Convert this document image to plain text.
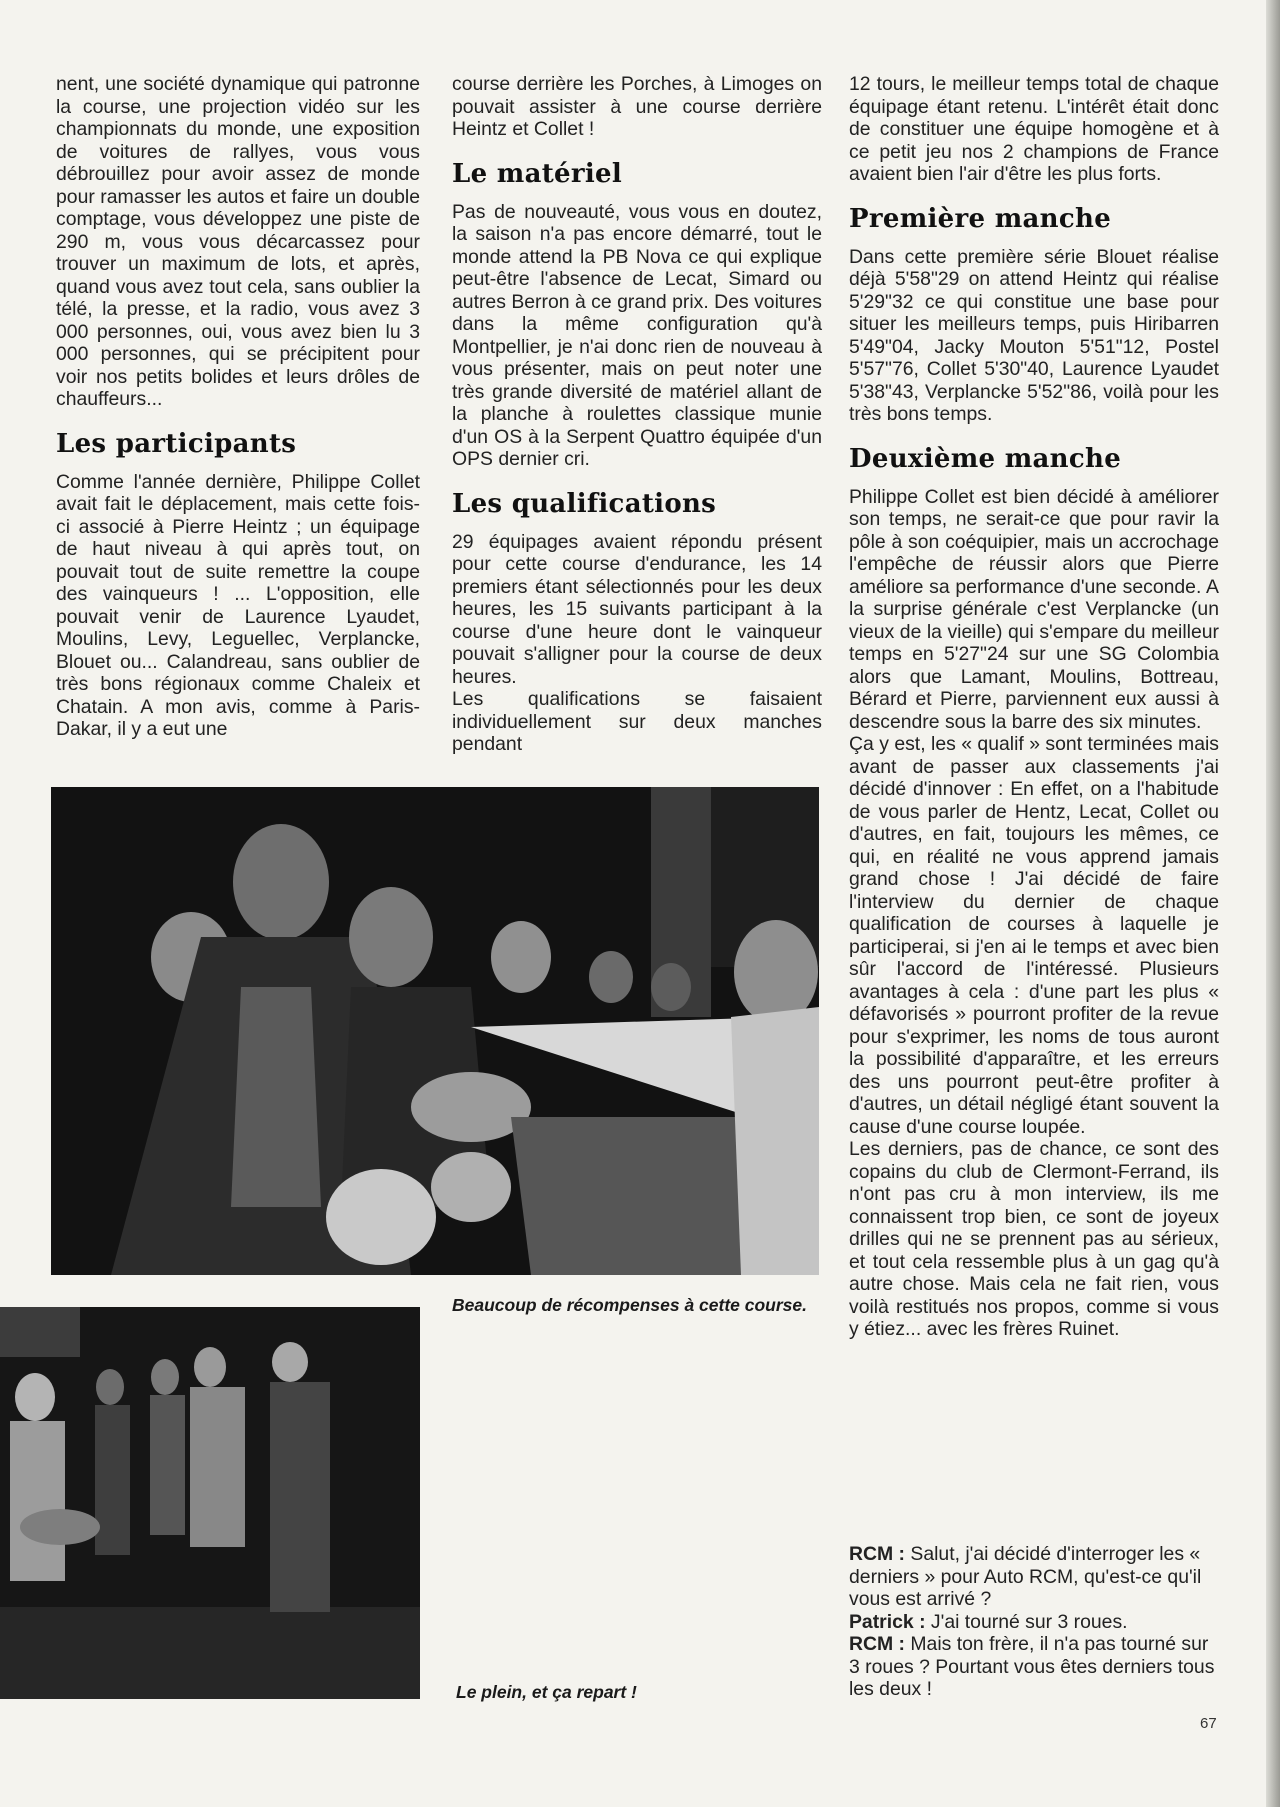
nent, une société dynamique qui patronne la course, une projection vidéo sur les championnats du monde, une exposition de voitures de rallyes, vous vous débrouillez pour avoir assez de monde pour ramasser les autos et faire un double comptage, vous développez une piste de 290 m, vous vous décarcassez pour trouver un maximum de lots, et après, quand vous avez tout cela, sans oublier la télé, la presse, et la radio, vous avez 3 000 personnes, oui, vous avez bien lu 3 000 personnes, qui se précipitent pour voir nos petits bolides et leurs drôles de chauffeurs...

Les participants

Comme l'année dernière, Philippe Collet avait fait le déplacement, mais cette fois-ci associé à Pierre Heintz ; un équipage de haut niveau à qui après tout, on pouvait tout de suite remettre la coupe des vainqueurs ! ... L'opposition, elle pouvait venir de Laurence Lyaudet, Moulins, Levy, Leguellec, Verplancke, Blouet ou... Calandreau, sans oublier de très bons régionaux comme Chaleix et Chatain. A mon avis, comme à Paris-Dakar, il y a eut une

course derrière les Porches, à Limoges on pouvait assister à une course derrière Heintz et Collet !

Le matériel

Pas de nouveauté, vous vous en doutez, la saison n'a pas encore démarré, tout le monde attend la PB Nova ce qui explique peut-être l'absence de Lecat, Simard ou autres Berron à ce grand prix. Des voitures dans la même configuration qu'à Montpellier, je n'ai donc rien de nouveau à vous présenter, mais on peut noter une très grande diversité de matériel allant de la planche à roulettes classique munie d'un OS à la Serpent Quattro équipée d'un OPS dernier cri.

Les qualifications

29 équipages avaient répondu présent pour cette course d'endurance, les 14 premiers étant sélectionnés pour les deux heures, les 15 suivants participant à la course d'une heure dont le vainqueur pouvait s'alligner pour la course de deux heures.

Les qualifications se faisaient individuellement sur deux manches pendant

12 tours, le meilleur temps total de chaque équipage étant retenu. L'intérêt était donc de constituer une équipe homogène et à ce petit jeu nos 2 champions de France avaient bien l'air d'être les plus forts.

Première manche

Dans cette première série Blouet réalise déjà 5'58"29 on attend Heintz qui réalise 5'29"32 ce qui constitue une base pour situer les meilleurs temps, puis Hiribarren 5'49"04, Jacky Mouton 5'51"12, Postel 5'57"76, Collet 5'30"40, Laurence Lyaudet 5'38"43, Verplancke 5'52"86, voilà pour les très bons temps.

Deuxième manche

Philippe Collet est bien décidé à améliorer son temps, ne serait-ce que pour ravir la pôle à son coéquipier, mais un accrochage l'empêche de réussir alors que Pierre améliore sa performance d'une seconde. A la surprise générale c'est Verplancke (un vieux de la vieille) qui s'empare du meilleur temps en 5'27"24 sur une SG Colombia alors que Lamant, Moulins, Bottreau, Bérard et Pierre, parviennent eux aussi à descendre sous la barre des six minutes.

Ça y est, les « qualif » sont terminées mais avant de passer aux classements j'ai décidé d'innover : En effet, on a l'habitude de vous parler de Hentz, Lecat, Collet ou d'autres, en fait, toujours les mêmes, ce qui, en réalité ne vous apprend jamais grand chose ! J'ai décidé de faire l'interview du dernier de chaque qualification de courses à laquelle je participerai, si j'en ai le temps et avec bien sûr l'accord de l'intéressé. Plusieurs avantages à cela : d'une part les plus « défavorisés » pourront profiter de la revue pour s'exprimer, les noms de tous auront la possibilité d'apparaître, et les erreurs des uns pourront peut-être profiter à d'autres, un détail négligé étant souvent la cause d'une course loupée.

Les derniers, pas de chance, ce sont des copains du club de Clermont-Ferrand, ils n'ont pas cru à mon interview, ils me connaissent trop bien, ce sont de joyeux drilles qui ne se prennent pas au sérieux, et tout cela ressemble plus à un gag qu'à autre chose. Mais cela ne fait rien, vous voilà restitués nos propos, comme si vous y étiez... avec les frères Ruinet.

Beaucoup de récompenses à cette course.
Le plein, et ça repart !

RCM : Salut, j'ai décidé d'interroger les « derniers » pour Auto RCM, qu'est-ce qu'il vous est arrivé ?

Patrick : J'ai tourné sur 3 roues.

RCM : Mais ton frère, il n'a pas tourné sur 3 roues ? Pourtant vous êtes derniers tous les deux !

67
